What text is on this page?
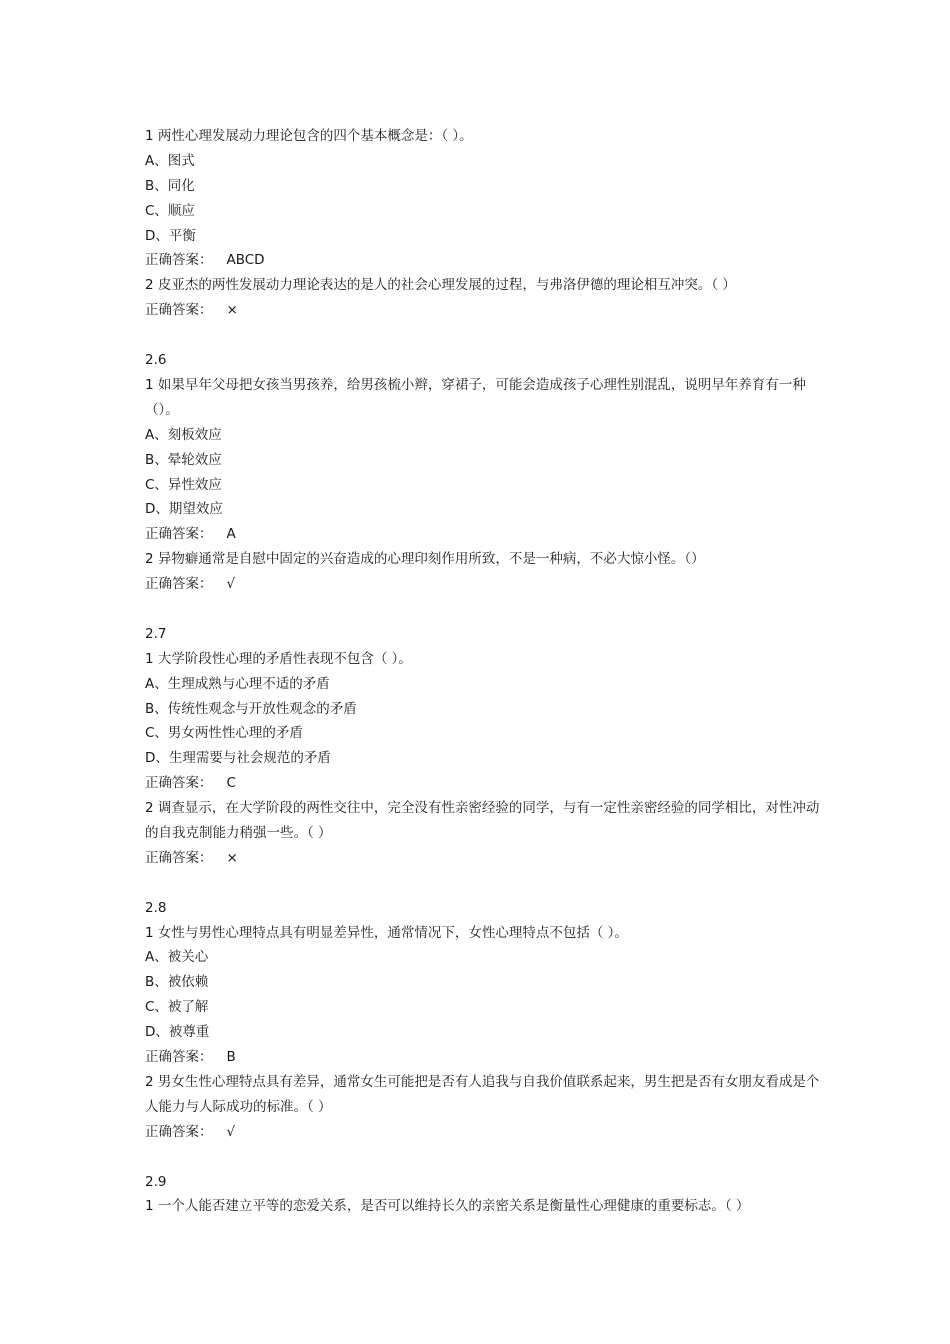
1 两性心理发展动力理论包含的四个基本概念是：（ ）。
A、图式
B、同化
C、顺应
D、平衡
正确答案： ABCD
2 皮亚杰的两性发展动力理论表达的是人的社会心理发展的过程，与弗洛伊德的理论相互冲突。（ ）
正确答案： ×
2.6
1 如果早年父母把女孩当男孩养，给男孩梳小辫，穿裙子，可能会造成孩子心理性别混乱，说明早年养育有一种（）。
A、刻板效应
B、晕轮效应
C、异性效应
D、期望效应
正确答案： A
2 异物癖通常是自慰中固定的兴奋造成的心理印刻作用所致，不是一种病，不必大惊小怪。（）
正确答案： √
2.7
1 大学阶段性心理的矛盾性表现不包含（ ）。
A、生理成熟与心理不适的矛盾
B、传统性观念与开放性观念的矛盾
C、男女两性性心理的矛盾
D、生理需要与社会规范的矛盾
正确答案： C
2 调查显示，在大学阶段的两性交往中，完全没有性亲密经验的同学，与有一定性亲密经验的同学相比，对性冲动的自我克制能力稍强一些。（ ）
正确答案： ×
2.8
1 女性与男性心理特点具有明显差异性，通常情况下，女性心理特点不包括（ ）。
A、被关心
B、被依赖
C、被了解
D、被尊重
正确答案： B
2 男女生性心理特点具有差异，通常女生可能把是否有人追我与自我价值联系起来，男生把是否有女朋友看成是个人能力与人际成功的标准。（ ）
正确答案： √
2.9
1 一个人能否建立平等的恋爱关系，是否可以维持长久的亲密关系是衡量性心理健康的重要标志。（ ）
